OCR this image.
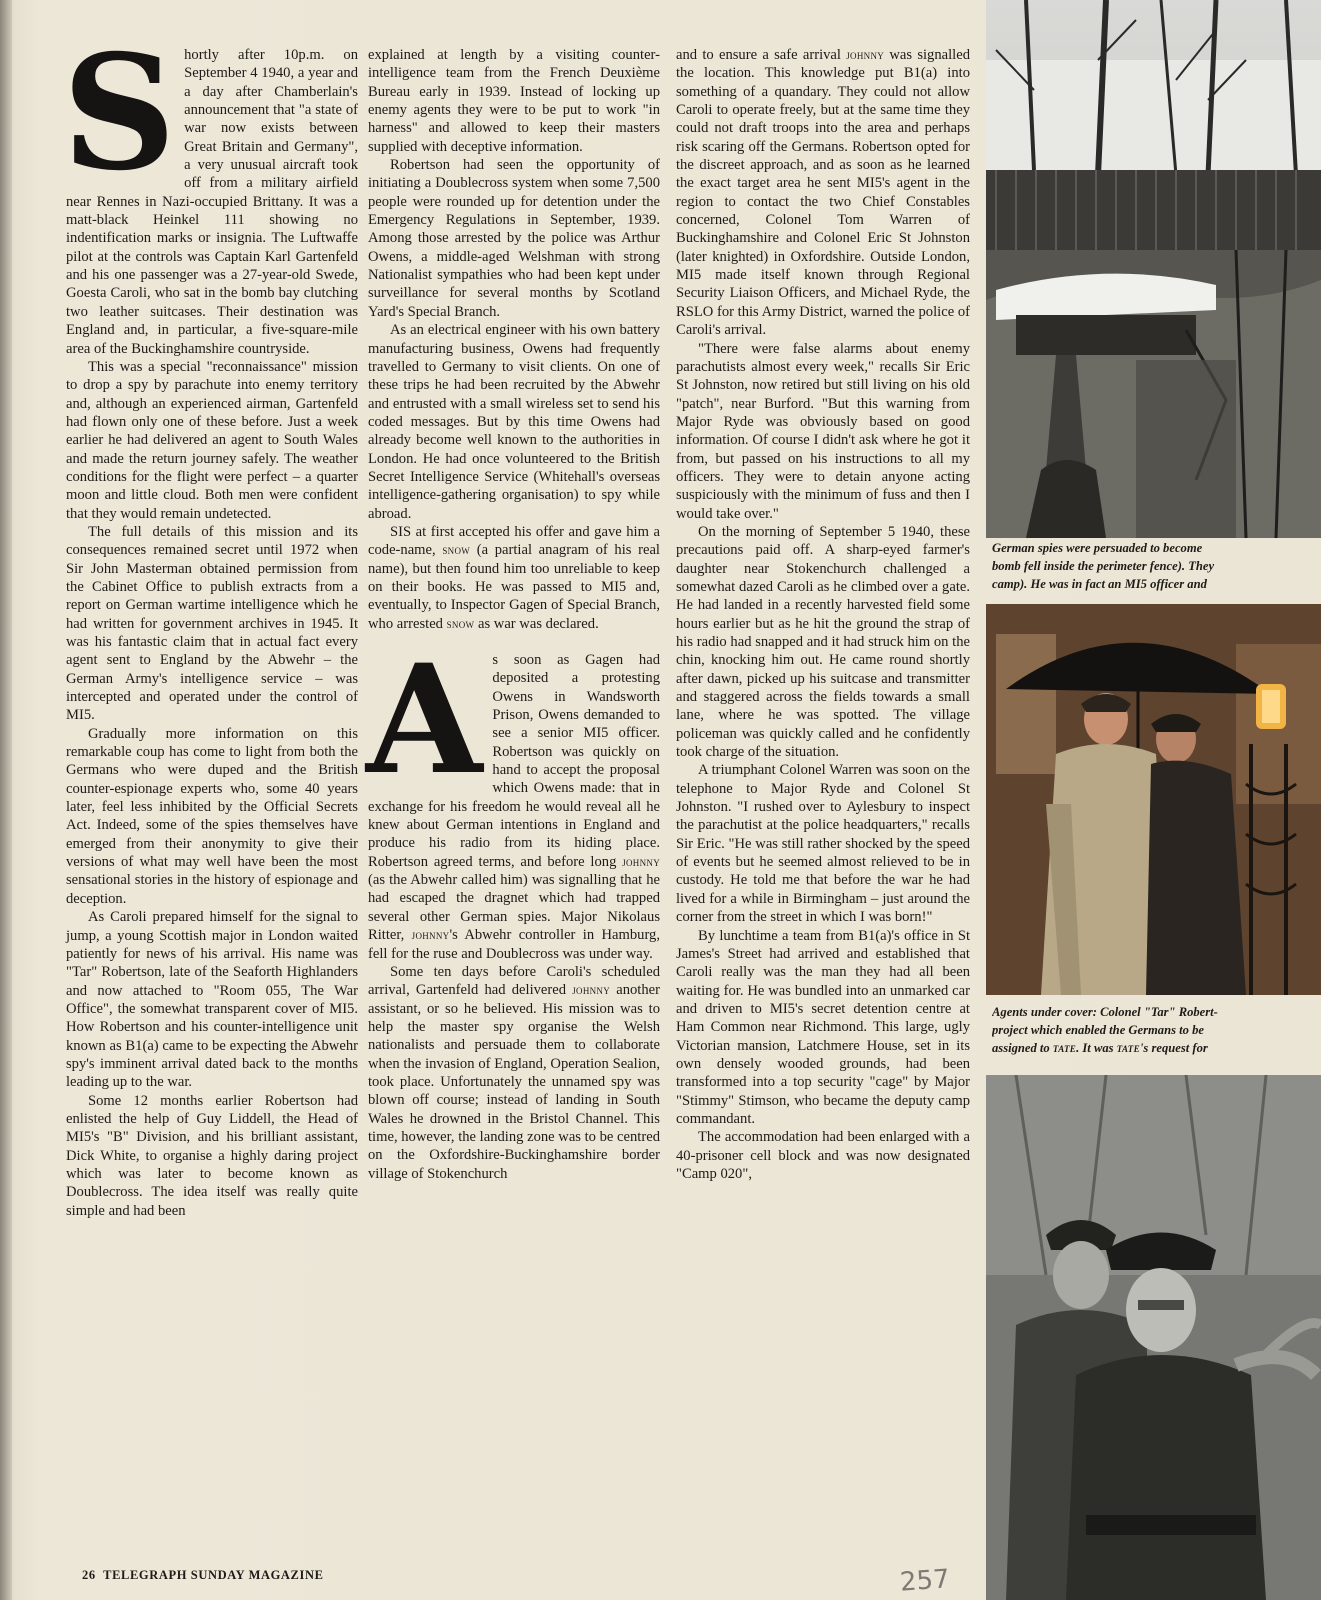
S hortly after 10p.m. on September 4 1940, a year and a day after Chamberlain's announcement that "a state of war now exists between Great Britain and Germany", a very unusual aircraft took off from a military airfield near Rennes in Nazi-occupied Brittany. It was a matt-black Heinkel 111 showing no indentification marks or insignia. The Luftwaffe pilot at the controls was Captain Karl Gartenfeld and his one passenger was a 27-year-old Swede, Goesta Caroli, who sat in the bomb bay clutching two leather suitcases. Their destination was England and, in particular, a five-square-mile area of the Buckinghamshire countryside.

This was a special "reconnaissance" mission to drop a spy by parachute into enemy territory and, although an experienced airman, Gartenfeld had flown only one of these before. Just a week earlier he had delivered an agent to South Wales and made the return journey safely. The weather conditions for the flight were perfect – a quarter moon and little cloud. Both men were confident that they would remain undetected.

The full details of this mission and its consequences remained secret until 1972 when Sir John Masterman obtained permission from the Cabinet Office to publish extracts from a report on German wartime intelligence which he had written for government archives in 1945. It was his fantastic claim that in actual fact every agent sent to England by the Abwehr – the German Army's intelligence service – was intercepted and operated under the control of MI5.

Gradually more information on this remarkable coup has come to light from both the Germans who were duped and the British counter-espionage experts who, some 40 years later, feel less inhibited by the Official Secrets Act. Indeed, some of the spies themselves have emerged from their anonymity to give their versions of what may well have been the most sensational stories in the history of espionage and deception.

As Caroli prepared himself for the signal to jump, a young Scottish major in London waited patiently for news of his arrival. His name was "Tar" Robertson, late of the Seaforth Highlanders and now attached to "Room 055, The War Office", the somewhat transparent cover of MI5. How Robertson and his counter-intelligence unit known as B1(a) came to be expecting the Abwehr spy's imminent arrival dated back to the months leading up to the war.

Some 12 months earlier Robertson had enlisted the help of Guy Liddell, the Head of MI5's "B" Division, and his brilliant assistant, Dick White, to organise a highly daring project which was later to become known as Doublecross. The idea itself was really quite simple and had been

explained at length by a visiting counter-intelligence team from the French Deuxième Bureau early in 1939. Instead of locking up enemy agents they were to be put to work "in harness" and allowed to keep their masters supplied with deceptive information.

Robertson had seen the opportunity of initiating a Doublecross system when some 7,500 people were rounded up for detention under the Emergency Regulations in September, 1939. Among those arrested by the police was Arthur Owens, a middle-aged Welshman with strong Nationalist sympathies who had been kept under surveillance for several months by Scotland Yard's Special Branch.

As an electrical engineer with his own battery manufacturing business, Owens had frequently travelled to Germany to visit clients. On one of these trips he had been recruited by the Abwehr and entrusted with a small wireless set to send his coded messages. But by this time Owens had already become well known to the authorities in London. He had once volunteered to the British Secret Intelligence Service (Whitehall's overseas intelligence-gathering organisation) to spy while abroad.

SIS at first accepted his offer and gave him a code-name, snow (a partial anagram of his real name), but then found him too unreliable to keep on their books. He was passed to MI5 and, eventually, to Inspector Gagen of Special Branch, who arrested snow as war was declared.

A s soon as Gagen had deposited a protesting Owens in Wandsworth Prison, Owens demanded to see a senior MI5 officer. Robertson was quickly on hand to accept the proposal which Owens made: that in exchange for his freedom he would reveal all he knew about German intentions in England and produce his radio from its hiding place. Robertson agreed terms, and before long johnny (as the Abwehr called him) was signalling that he had escaped the dragnet which had trapped several other German spies. Major Nikolaus Ritter, johnny's Abwehr controller in Hamburg, fell for the ruse and Doublecross was under way.

Some ten days before Caroli's scheduled arrival, Gartenfeld had delivered johnny another assistant, or so he believed. His mission was to help the master spy organise the Welsh nationalists and persuade them to collaborate when the invasion of England, Operation Sealion, took place. Unfortunately the unnamed spy was blown off course; instead of landing in South Wales he drowned in the Bristol Channel. This time, however, the landing zone was to be centred on the Oxfordshire-Buckinghamshire border village of Stokenchurch

and to ensure a safe arrival johnny was signalled the location. This knowledge put B1(a) into something of a quandary. They could not allow Caroli to operate freely, but at the same time they could not draft troops into the area and perhaps risk scaring off the Germans. Robertson opted for the discreet approach, and as soon as he learned the exact target area he sent MI5's agent in the region to contact the two Chief Constables concerned, Colonel Tom Warren of Buckinghamshire and Colonel Eric St Johnston (later knighted) in Oxfordshire. Outside London, MI5 made itself known through Regional Security Liaison Officers, and Michael Ryde, the RSLO for this Army District, warned the police of Caroli's arrival.

"There were false alarms about enemy parachutists almost every week," recalls Sir Eric St Johnston, now retired but still living on his old "patch", near Burford. "But this warning from Major Ryde was obviously based on good information. Of course I didn't ask where he got it from, but passed on his instructions to all my officers. They were to detain anyone acting suspiciously with the minimum of fuss and then I would take over."

On the morning of September 5 1940, these precautions paid off. A sharp-eyed farmer's daughter near Stokenchurch challenged a somewhat dazed Caroli as he climbed over a gate. He had landed in a recently harvested field some hours earlier but as he hit the ground the strap of his radio had snapped and it had struck him on the chin, knocking him out. He came round shortly after dawn, picked up his suitcase and transmitter and staggered across the fields towards a small lane, where he was spotted. The village policeman was quickly called and he confidently took charge of the situation.

A triumphant Colonel Warren was soon on the telephone to Major Ryde and Colonel St Johnston. "I rushed over to Aylesbury to inspect the parachutist at the police headquarters," recalls Sir Eric. "He was still rather shocked by the speed of events but he seemed almost relieved to be in custody. He told me that before the war he had lived for a while in Birmingham – just around the corner from the street in which I was born!"

By lunchtime a team from B1(a)'s office in St James's Street had arrived and established that Caroli really was the man they had all been waiting for. He was bundled into an unmarked car and driven to MI5's secret detention centre at Ham Common near Richmond. This large, ugly Victorian mansion, Latchmere House, set in its own densely wooded grounds, had been transformed into a top security "cage" by Major "Stimmy" Stimson, who became the deputy camp commandant.

The accommodation had been enlarged with a 40-prisoner cell block and was now designated "Camp 020",

German spies were persuaded to become
bomb fell inside the perimeter fence). They
camp). He was in fact an MI5 officer and
Agents under cover: Colonel "Tar" Robert-
project which enabled the Germans to be
assigned to tate. It was tate's request for
26 TELEGRAPH SUNDAY MAGAZINE	257
